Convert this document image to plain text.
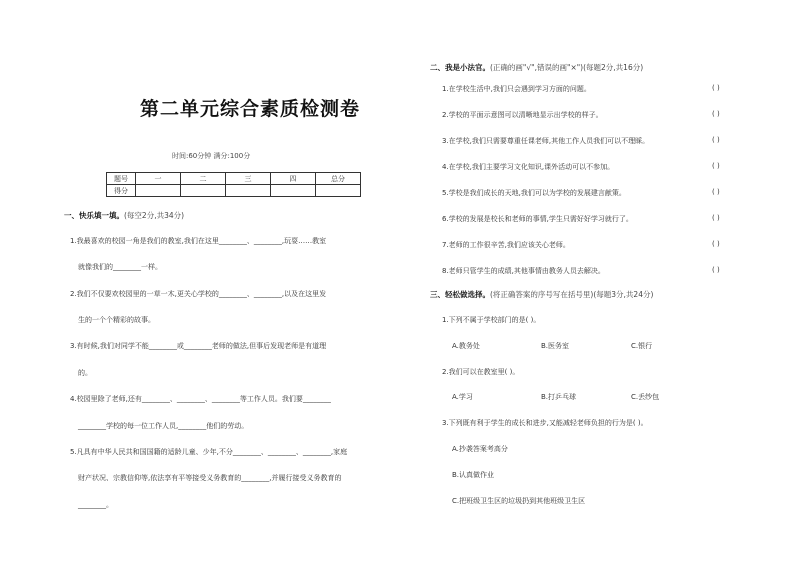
第二单元综合素质检测卷
时间:60分钟 满分:100分
题号	一	二	三	四	总分
得分					
一、快乐填一填。(每空2分,共34分)
1.我最喜欢的校园一角是我们的教室,我们在这里________、________,玩耍……教室
就像我们的________一样。
2.我们不仅要欢校园里的一草一木,更关心学校的________、________,以及在这里发
生的一个个精彩的故事。
3.有时候,我们对同学不能________或________老师的做法,但事后发现老师是有道理
的。
4.校园里除了老师,还有________、________、________等工作人员。我们要________
________学校的每一位工作人员,________他们的劳动。
5.凡具有中华人民共和国国籍的适龄儿童、少年,不分________、________、________,家庭
财产状况、宗教信仰等,依法享有平等接受义务教育的________,并履行接受义务教育的
________。
二、我是小法官。(正确的画"√",错误的画"×")(每题2分,共16分)
1.在学校生活中,我们只会遇到学习方面的问题。	( )
2.学校的平面示意图可以清晰地显示出学校的样子。	( )
3.在学校,我们只需要尊重任课老师,其他工作人员我们可以不理睬。	( )
4.在学校,我们主要学习文化知识,课外活动可以不参加。	( )
5.学校是我们成长的天地,我们可以为学校的发展建言献策。	( )
6.学校的发展是校长和老师的事情,学生只需好好学习就行了。	( )
7.老师的工作很辛苦,我们应该关心老师。	( )
8.老师只管学生的成绩,其他事情由教务人员去解决。	( )
三、轻松做选择。(将正确答案的序号写在括号里)(每题3分,共24分)
1.下列不属于学校部门的是( )。
A.教务处	B.医务室	C.银行
2.我们可以在教室里( )。
A.学习	B.打乒乓球	C.丢纱包
3.下列既有利于学生的成长和进步,又能减轻老师负担的行为是( )。
A.抄袭答案考高分
B.认真做作业
C.把班级卫生区的垃圾扔到其他班级卫生区
